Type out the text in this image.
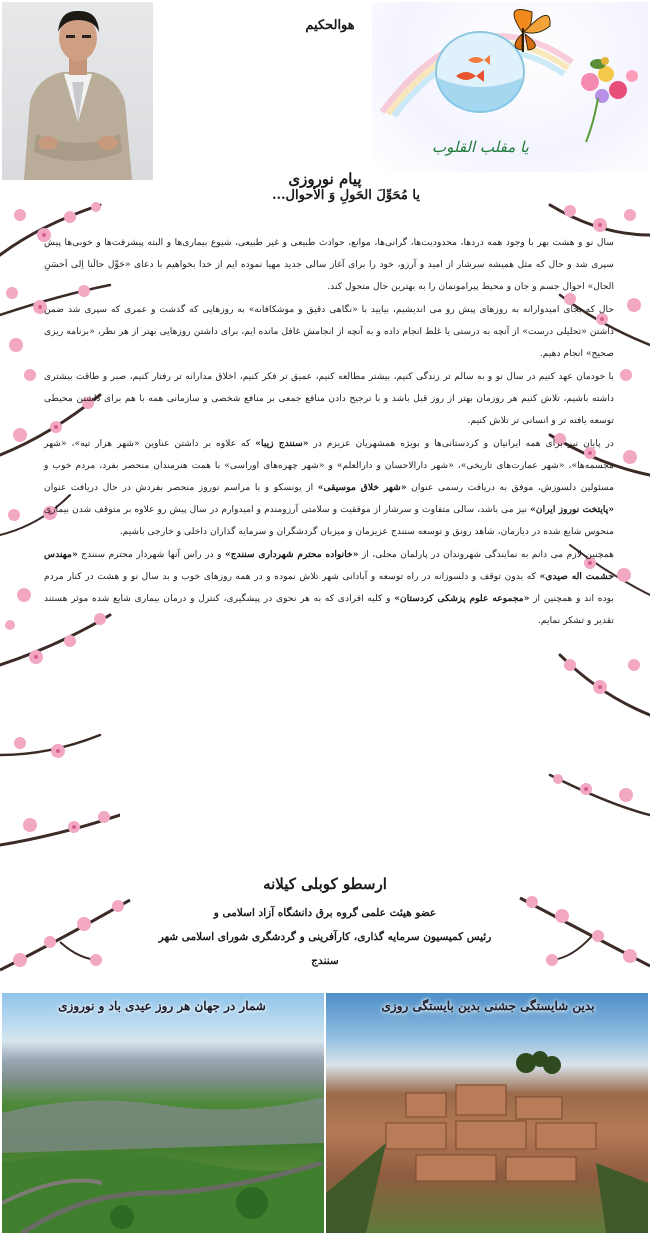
هوالحکیم
یا مقلب القلوب
پیام نوروزی
یا مُحَوِّلَ الحَولِ وَ الأحوال...

سال نو و هشت بهر با وجود همه دردها، محدودیت‌ها، گرانی‌ها، موانع، حوادث طبیعی و غیر طبیعی، شیوع بیماری‌ها و البته پیشرفت‌ها و خوبی‌ها پیش سپری شد و حال که مثل همیشه سرشار از امید و آرزو، خود را برای آغاز سالی جدید مهیا نموده ایم از خدا بخواهیم با دعای «حَوِّل حالَنا اِلی اَحسَنِ الحال» احوال جسم و جان و محیط پیرامونمان را به بهترین حال متحول کند.

حال که بجای امیدوارانه به روزهای پیش رو می اندیشیم، بیایید با «نگاهی دقیق و موشکافانه» به روزهایی که گذشت و عمری که سپری شد ضمن داشتن «تحلیلی درست» از آنچه به درستی یا غلط انجام داده و به آنچه از انجامش غافل مانده ایم، برای داشتن روزهایی بهتر از هر نظر، «برنامه ریزی صحیح» انجام دهیم.

با خودمان عهد کنیم در سال نو و به سالم تر زندگی کنیم، بیشتر مطالعه کنیم، عمیق تر فکر کنیم، اخلاق مدارانه تر رفتار کنیم، صبر و طاقت بیشتری داشته باشیم، تلاش کنیم هر روزمان بهتر از روز قبل باشد و با ترجیح دادن منافع جمعی بر منافع شخصی و سازمانی همه با هم برای داشتن محیطی توسعه یافته تر و انسانی تر تلاش کنیم.

در پایان نیز برای همه ایرانیان و کردستانی‌ها و بویژه همشهریان عزیزم در «سنندج زیبا» که علاوه بر داشتن عناوین «شهر هزار تپه»، «شهر مجسمه‌ها»، «شهر عمارت‌های تاریخی»، «شهر دارالاحسان و دارالعلم» و «شهر چهره‌های اوراسی» با همت هنرمندان منحصر بفرد، مردم خوب و مسئولین دلسوزش، موفق به دریافت رسمی عنوان «شهر خلاق موسیقی» از یونسکو و با مراسم نوروز منحصر بفردش در حال دریافت عنوان «پایتخت نوروز ایران» نیز می باشد، سالی متفاوت و سرشار از موفقیت و سلامتی آرزومندم و امیدوارم در سال پیش رو علاوه بر متوقف شدن بیماری منحوس شایع شده در دیارمان، شاهد رونق و توسعه سنندج عزیزمان و میزبان گردشگران و سرمایه گذاران داخلی و خارجی باشیم.

همچنین لازم می دانم به نمایندگی شهروندان در پارلمان محلی، از «خانواده محترم شهرداری سنندج» و در راس آنها شهردار محترم سنندج «مهندس حشمت اله صیدی» که بدون توقف و دلسوزانه در راه توسعه و آبادانی شهر تلاش نموده و در همه روزهای خوب و بد سال نو و هشت در کنار مردم بوده اند و همچنین از «مجموعه علوم پزشکی کردستان» و کلیه افرادی که به هر نحوی در پیشگیری، کنترل و درمان بیماری شایع شده موثر هستند تقدیر و تشکر نمایم.

ارسطو کوبلی کیلانه
عضو هیئت علمی گروه برق دانشگاه آزاد اسلامی و
رئیس کمیسیون سرمایه گذاری، کارآفرینی و گردشگری شورای اسلامی شهر سنندج
شمار در جهان هر روز عیدی باد و نوروزی	بدین شایستگی جشنی بدین بایستگی روزی
